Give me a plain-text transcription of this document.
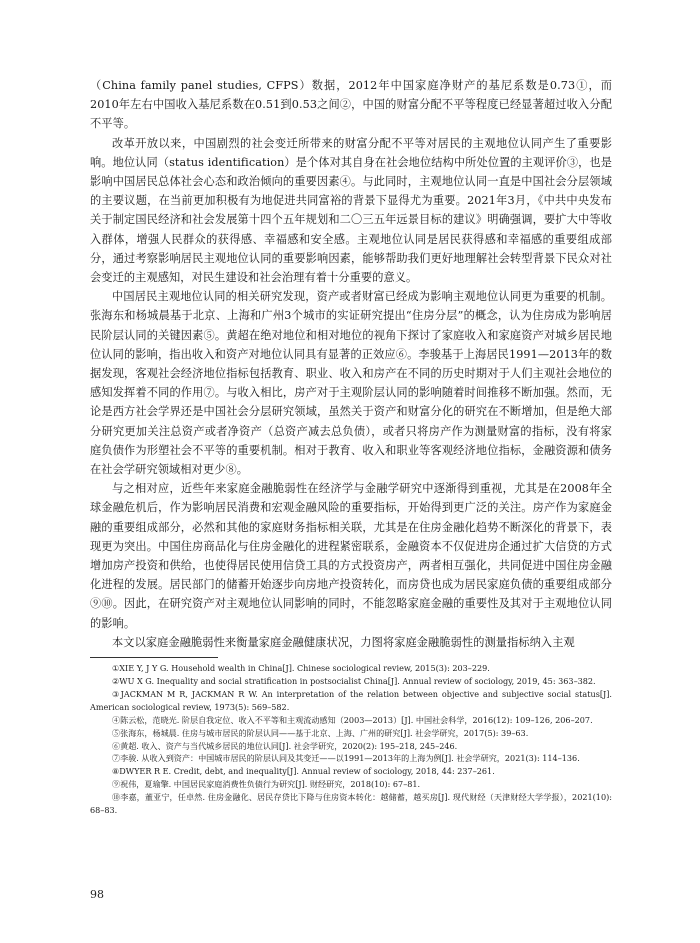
（China family panel studies, CFPS）数据，2012年中国家庭净财产的基尼系数是0.73①，而2010年左右中国收入基尼系数在0.51到0.53之间②，中国的财富分配不平等程度已经显著超过收入分配不平等。

改革开放以来，中国剧烈的社会变迁所带来的财富分配不平等对居民的主观地位认同产生了重要影响。地位认同（status identification）是个体对其自身在社会地位结构中所处位置的主观评价③，也是影响中国居民总体社会心态和政治倾向的重要因素④。与此同时，主观地位认同一直是中国社会分层领域的主要议题，在当前更加积极有为地促进共同富裕的背景下显得尤为重要。2021年3月，《中共中央发布关于制定国民经济和社会发展第十四个五年规划和二〇三五年远景目标的建议》明确强调，要扩大中等收入群体，增强人民群众的获得感、幸福感和安全感。主观地位认同是居民获得感和幸福感的重要组成部分，通过考察影响居民主观地位认同的重要影响因素，能够帮助我们更好地理解社会转型背景下民众对社会变迁的主观感知，对民生建设和社会治理有着十分重要的意义。

中国居民主观地位认同的相关研究发现，资产或者财富已经成为影响主观地位认同更为重要的机制。张海东和杨城晨基于北京、上海和广州3个城市的实证研究提出“住房分层”的概念，认为住房成为影响居民阶层认同的关键因素⑤。黄超在绝对地位和相对地位的视角下探讨了家庭收入和家庭资产对城乡居民地位认同的影响，指出收入和资产对地位认同具有显著的正效应⑥。李骏基于上海居民1991—2013年的数据发现，客观社会经济地位指标包括教育、职业、收入和房产在不同的历史时期对于人们主观社会地位的感知发挥着不同的作用⑦。与收入相比，房产对于主观阶层认同的影响随着时间推移不断加强。然而，无论是西方社会学界还是中国社会分层研究领域，虽然关于资产和财富分化的研究在不断增加，但是绝大部分研究更加关注总资产或者净资产（总资产减去总负债），或者只将房产作为测量财富的指标，没有将家庭负债作为形塑社会不平等的重要机制。相对于教育、收入和职业等客观经济地位指标，金融资源和债务在社会学研究领域相对更少⑧。

与之相对应，近些年来家庭金融脆弱性在经济学与金融学研究中逐渐得到重视，尤其是在2008年全球金融危机后，作为影响居民消费和宏观金融风险的重要指标，开始得到更广泛的关注。房产作为家庭金融的重要组成部分，必然和其他的家庭财务指标相关联，尤其是在住房金融化趋势不断深化的背景下，表现更为突出。中国住房商品化与住房金融化的进程紧密联系，金融资本不仅促进房企通过扩大信贷的方式增加房产投资和供给，也使得居民使用信贷工具的方式投资房产，两者相互强化，共同促进中国住房金融化进程的发展。居民部门的储蓄开始逐步向房地产投资转化，而房贷也成为居民家庭负债的重要组成部分⑨⑩。因此，在研究资产对主观地位认同影响的同时，不能忽略家庭金融的重要性及其对于主观地位认同的影响。

本文以家庭金融脆弱性来衡量家庭金融健康状况，力图将家庭金融脆弱性的测量指标纳入主观

①XIE Y, J Y G. Household wealth in China[J]. Chinese sociological review, 2015(3): 203–229.

②WU X G. Inequality and social stratification in postsocialist China[J]. Annual review of sociology, 2019, 45: 363–382.

③JACKMAN M R, JACKMAN R W. An interpretation of the relation between objective and subjective social status[J]. American sociological review, 1973(5): 569–582.

④陈云松，范晓光. 阶层自我定位、收入不平等和主观流动感知（2003—2013）[J]. 中国社会科学，2016(12): 109–126, 206–207.

⑤张海东，杨城晨. 住房与城市居民的阶层认同——基于北京、上海、广州的研究[J]. 社会学研究，2017(5): 39–63.

⑥黄超. 收入、资产与当代城乡居民的地位认同[J]. 社会学研究，2020(2): 195–218, 245–246.

⑦李骏. 从收入到资产：中国城市居民的阶层认同及其变迁——以1991—2013年的上海为例[J]. 社会学研究，2021(3): 114–136.

⑧DWYER R E. Credit, debt, and inequality[J]. Annual review of sociology, 2018, 44: 237–261.

⑨祝伟，夏瑜擎. 中国居民家庭消费性负债行为研究[J]. 财经研究，2018(10): 67–81.

⑩李嘉，董亚宁，任卓然. 住房金融化、居民存贷比下降与住房资本转化：越储蓄，越买房[J]. 现代财经（天津财经大学学报），2021(10): 68–83.

98
